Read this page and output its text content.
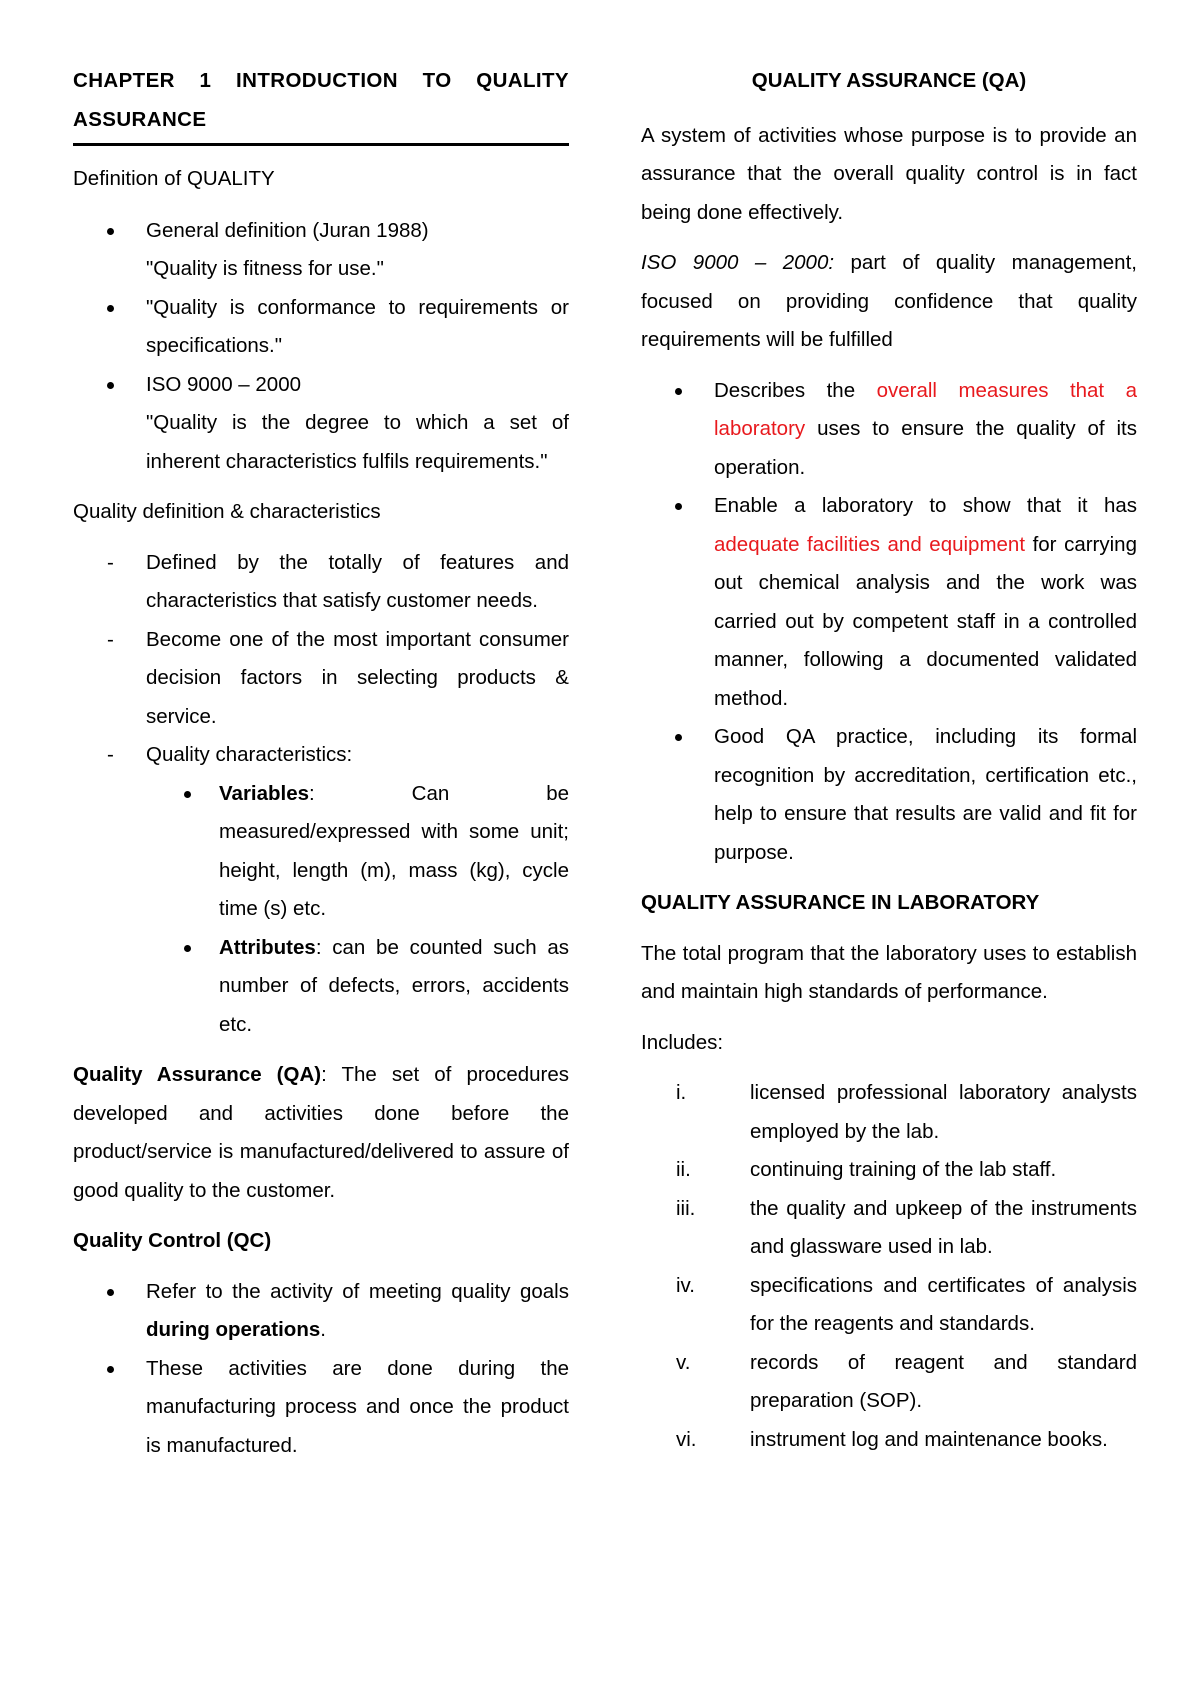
CHAPTER 1 INTRODUCTION TO QUALITY ASSURANCE

Definition of QUALITY

General definition (Juran 1988)
"Quality is fitness for use."
"Quality is conformance to requirements or specifications."
ISO 9000 – 2000
"Quality is the degree to which a set of inherent characteristics fulfils requirements."

Quality definition & characteristics

- Defined by the totally of features and characteristics that satisfy customer needs.
- Become one of the most important consumer decision factors in selecting products & service.
- Quality characteristics:
Variables: Can be measured/expressed with some unit; height, length (m), mass (kg), cycle time (s) etc.
Attributes: can be counted such as number of defects, errors, accidents etc.

Quality Assurance (QA): The set of procedures developed and activities done before the product/service is manufactured/delivered to assure of good quality to the customer.

Quality Control (QC)

Refer to the activity of meeting quality goals during operations.
These activities are done during the manufacturing process and once the product is manufactured.

QUALITY ASSURANCE (QA)

A system of activities whose purpose is to provide an assurance that the overall quality control is in fact being done effectively.

ISO 9000 – 2000: part of quality management, focused on providing confidence that quality requirements will be fulfilled

Describes the overall measures that a laboratory uses to ensure the quality of its operation.
Enable a laboratory to show that it has adequate facilities and equipment for carrying out chemical analysis and the work was carried out by competent staff in a controlled manner, following a documented validated method.
Good QA practice, including its formal recognition by accreditation, certification etc., help to ensure that results are valid and fit for purpose.

QUALITY ASSURANCE IN LABORATORY

The total program that the laboratory uses to establish and maintain high standards of performance.

Includes:

i.	licensed professional laboratory analysts employed by the lab.
ii.	continuing training of the lab staff.
iii.	the quality and upkeep of the instruments and glassware used in lab.
iv.	specifications and certificates of analysis for the reagents and standards.
v.	records of reagent and standard preparation (SOP).
vi.	instrument log and maintenance books.
